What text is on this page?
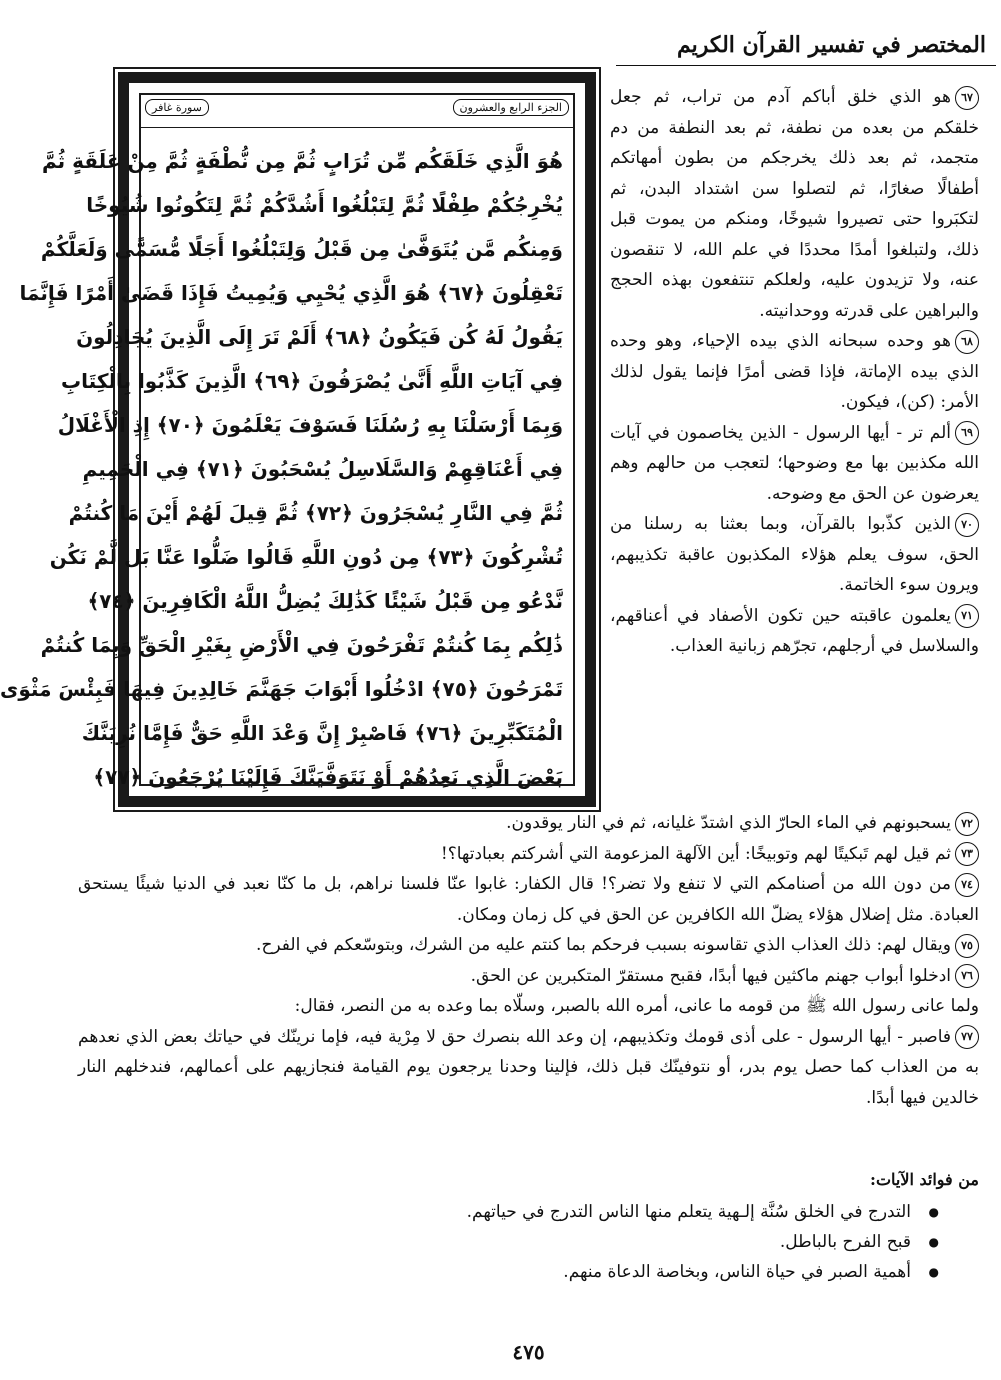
المختصر في تفسير القرآن الكريم
الجزء الرابع والعشرون
سورة غافر
هُوَ الَّذِي خَلَقَكُم مِّن تُرَابٍ ثُمَّ مِن نُّطْفَةٍ ثُمَّ مِنْ عَلَقَةٍ ثُمَّ
يُخْرِجُكُمْ طِفْلًا ثُمَّ لِتَبْلُغُوا أَشُدَّكُمْ ثُمَّ لِتَكُونُوا شُيُوخًا
وَمِنكُم مَّن يُتَوَفَّىٰ مِن قَبْلُ وَلِتَبْلُغُوا أَجَلًا مُّسَمًّى وَلَعَلَّكُمْ
تَعْقِلُونَ ﴿٦٧﴾ هُوَ الَّذِي يُحْيِي وَيُمِيتُ فَإِذَا قَضَىٰ أَمْرًا فَإِنَّمَا
يَقُولُ لَهُ كُن فَيَكُونُ ﴿٦٨﴾ أَلَمْ تَرَ إِلَى الَّذِينَ يُجَادِلُونَ
فِي آيَاتِ اللَّهِ أَنَّىٰ يُصْرَفُونَ ﴿٦٩﴾ الَّذِينَ كَذَّبُوا بِالْكِتَابِ
وَبِمَا أَرْسَلْنَا بِهِ رُسُلَنَا فَسَوْفَ يَعْلَمُونَ ﴿٧٠﴾ إِذِ الْأَغْلَالُ
فِي أَعْنَاقِهِمْ وَالسَّلَاسِلُ يُسْحَبُونَ ﴿٧١﴾ فِي الْحَمِيمِ
ثُمَّ فِي النَّارِ يُسْجَرُونَ ﴿٧٢﴾ ثُمَّ قِيلَ لَهُمْ أَيْنَ مَا كُنتُمْ
تُشْرِكُونَ ﴿٧٣﴾ مِن دُونِ اللَّهِ قَالُوا ضَلُّوا عَنَّا بَل لَّمْ نَكُن
نَّدْعُو مِن قَبْلُ شَيْئًا كَذَٰلِكَ يُضِلُّ اللَّهُ الْكَافِرِينَ ﴿٧٤﴾
ذَٰلِكُم بِمَا كُنتُمْ تَفْرَحُونَ فِي الْأَرْضِ بِغَيْرِ الْحَقِّ وَبِمَا كُنتُمْ
تَمْرَحُونَ ﴿٧٥﴾ ادْخُلُوا أَبْوَابَ جَهَنَّمَ خَالِدِينَ فِيهَا فَبِئْسَ مَثْوَى
الْمُتَكَبِّرِينَ ﴿٧٦﴾ فَاصْبِرْ إِنَّ وَعْدَ اللَّهِ حَقٌّ فَإِمَّا نُرِيَنَّكَ
بَعْضَ الَّذِي نَعِدُهُمْ أَوْ نَتَوَفَّيَنَّكَ فَإِلَيْنَا يُرْجَعُونَ ﴿٧٧﴾

٦٧هو الذي خلق أباكم آدم من تراب، ثم جعل خلقكم من بعده من نطفة، ثم بعد النطفة من دم متجمد، ثم بعد ذلك يخرجكم من بطون أمهاتكم أطفالًا صغارًا، ثم لتصلوا سن اشتداد البدن، ثم لتكبَروا حتى تصيروا شيوخًا، ومنكم من يموت قبل ذلك، ولتبلغوا أمدًا محددًا في علم الله، لا تنقصون عنه، ولا تزيدون عليه، ولعلكم تنتفعون بهذه الحجج والبراهين على قدرته ووحدانيته.

٦٨هو وحده سبحانه الذي بيده الإحياء، وهو وحده الذي بيده الإماتة، فإذا قضى أمرًا فإنما يقول لذلك الأمر: (كن)، فيكون.

٦٩ألم تر - أيها الرسول - الذين يخاصمون في آيات الله مكذبين بها مع وضوحها؛ لتعجب من حالهم وهم يعرضون عن الحق مع وضوحه.

٧٠الذين كذّبوا بالقرآن، وبما بعثنا به رسلنا من الحق، سوف يعلم هؤلاء المكذبون عاقبة تكذيبهم، ويرون سوء الخاتمة.

٧١يعلمون عاقبته حين تكون الأصفاد في أعناقهم، والسلاسل في أرجلهم، تجرّهم زبانية العذاب.

٧٢يسحبونهم في الماء الحارّ الذي اشتدّ غليانه، ثم في النار يوقدون.

٧٣ثم قيل لهم تَبكيتًا لهم وتوبيخًا: أين الآلهة المزعومة التي أشركتم بعبادتها؟!

٧٤من دون الله من أصنامكم التي لا تنفع ولا تضر؟! قال الكفار: غابوا عنّا فلسنا نراهم، بل ما كنّا نعبد في الدنيا شيئًا يستحق العبادة. مثل إضلال هؤلاء يضلّ الله الكافرين عن الحق في كل زمان ومكان.

٧٥ويقال لهم: ذلك العذاب الذي تقاسونه بسبب فرحكم بما كنتم عليه من الشرك، وبتوسّعكم في الفرح.

٧٦ادخلوا أبواب جهنم ماكثين فيها أبدًا، فقبح مستقرّ المتكبرين عن الحق.

ولما عانى رسول الله ﷺ من قومه ما عانى، أمره الله بالصبر، وسلّاه بما وعده به من النصر، فقال:

٧٧فاصبر - أيها الرسول - على أذى قومك وتكذيبهم، إن وعد الله بنصرك حق لا مِرْية فيه، فإما نرينّك في حياتك بعض الذي نعدهم به من العذاب كما حصل يوم بدر، أو نتوفينّك قبل ذلك، فإلينا وحدنا يرجعون يوم القيامة فنجازيهم على أعمالهم، فندخلهم النار خالدين فيها أبدًا.

من فوائد الآيات:
● التدرج في الخلق سُنَّة إلـهية يتعلم منها الناس التدرج في حياتهم.
● قبح الفرح بالباطل.
● أهمية الصبر في حياة الناس، وبخاصة الدعاة منهم.
٤٧٥
